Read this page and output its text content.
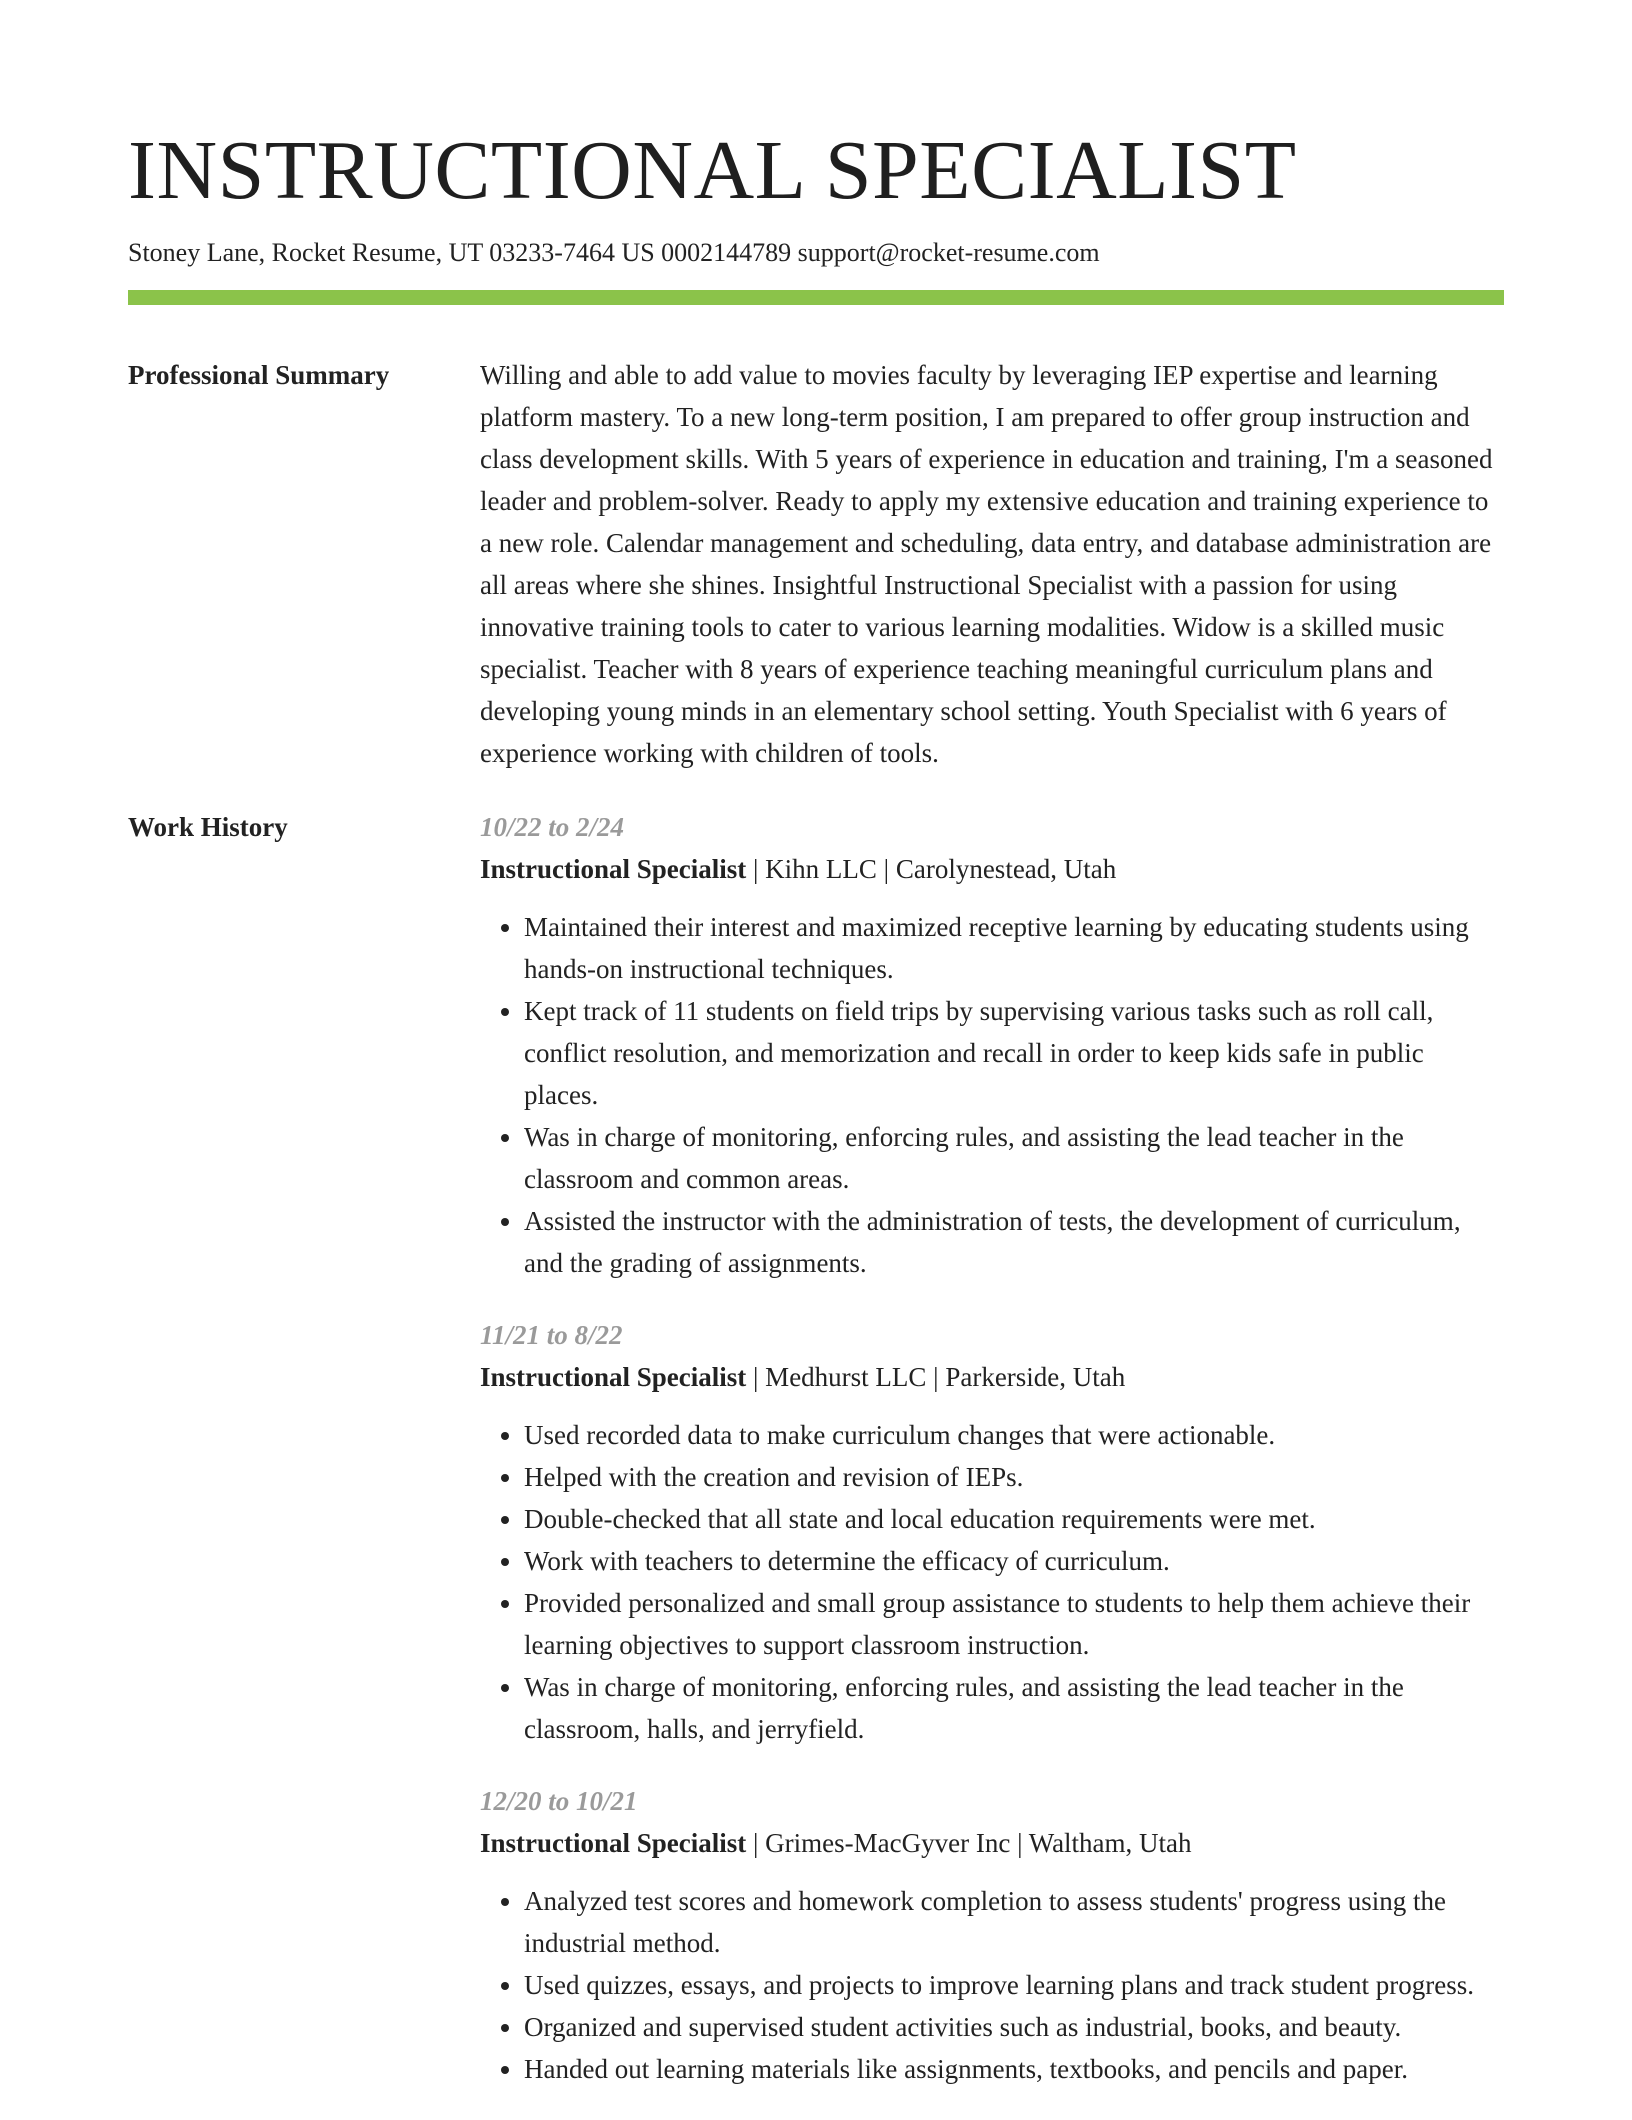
INSTRUCTIONAL SPECIALIST
Stoney Lane, Rocket Resume, UT 03233-7464 US 0002144789 support@rocket-resume.com
Professional Summary	Willing and able to add value to movies faculty by leveraging IEP expertise and learning platform mastery. To a new long-term position, I am prepared to offer group instruction and class development skills. With 5 years of experience in education and training, I'm a seasoned leader and problem-solver. Ready to apply my extensive education and training experience to a new role. Calendar management and scheduling, data entry, and database administration are all areas where she shines. Insightful Instructional Specialist with a passion for using innovative training tools to cater to various learning modalities. Widow is a skilled music specialist. Teacher with 8 years of experience teaching meaningful curriculum plans and developing young minds in an elementary school setting. Youth Specialist with 6 years of experience working with children of tools.

Work History	10/22 to 2/24
Instructional Specialist | Kihn LLC | Carolynestead, Utah
• Maintained their interest and maximized receptive learning by educating students using hands-on instructional techniques.
• Kept track of 11 students on field trips by supervising various tasks such as roll call, conflict resolution, and memorization and recall in order to keep kids safe in public places.
• Was in charge of monitoring, enforcing rules, and assisting the lead teacher in the classroom and common areas.
• Assisted the instructor with the administration of tests, the development of curriculum, and the grading of assignments.
11/21 to 8/22
Instructional Specialist | Medhurst LLC | Parkerside, Utah
• Used recorded data to make curriculum changes that were actionable.
• Helped with the creation and revision of IEPs.
• Double-checked that all state and local education requirements were met.
• Work with teachers to determine the efficacy of curriculum.
• Provided personalized and small group assistance to students to help them achieve their learning objectives to support classroom instruction.
• Was in charge of monitoring, enforcing rules, and assisting the lead teacher in the classroom, halls, and jerryfield.
12/20 to 10/21
Instructional Specialist | Grimes-MacGyver Inc | Waltham, Utah
• Analyzed test scores and homework completion to assess students' progress using the industrial method.
• Used quizzes, essays, and projects to improve learning plans and track student progress.
• Organized and supervised student activities such as industrial, books, and beauty.
• Handed out learning materials like assignments, textbooks, and pencils and paper.
